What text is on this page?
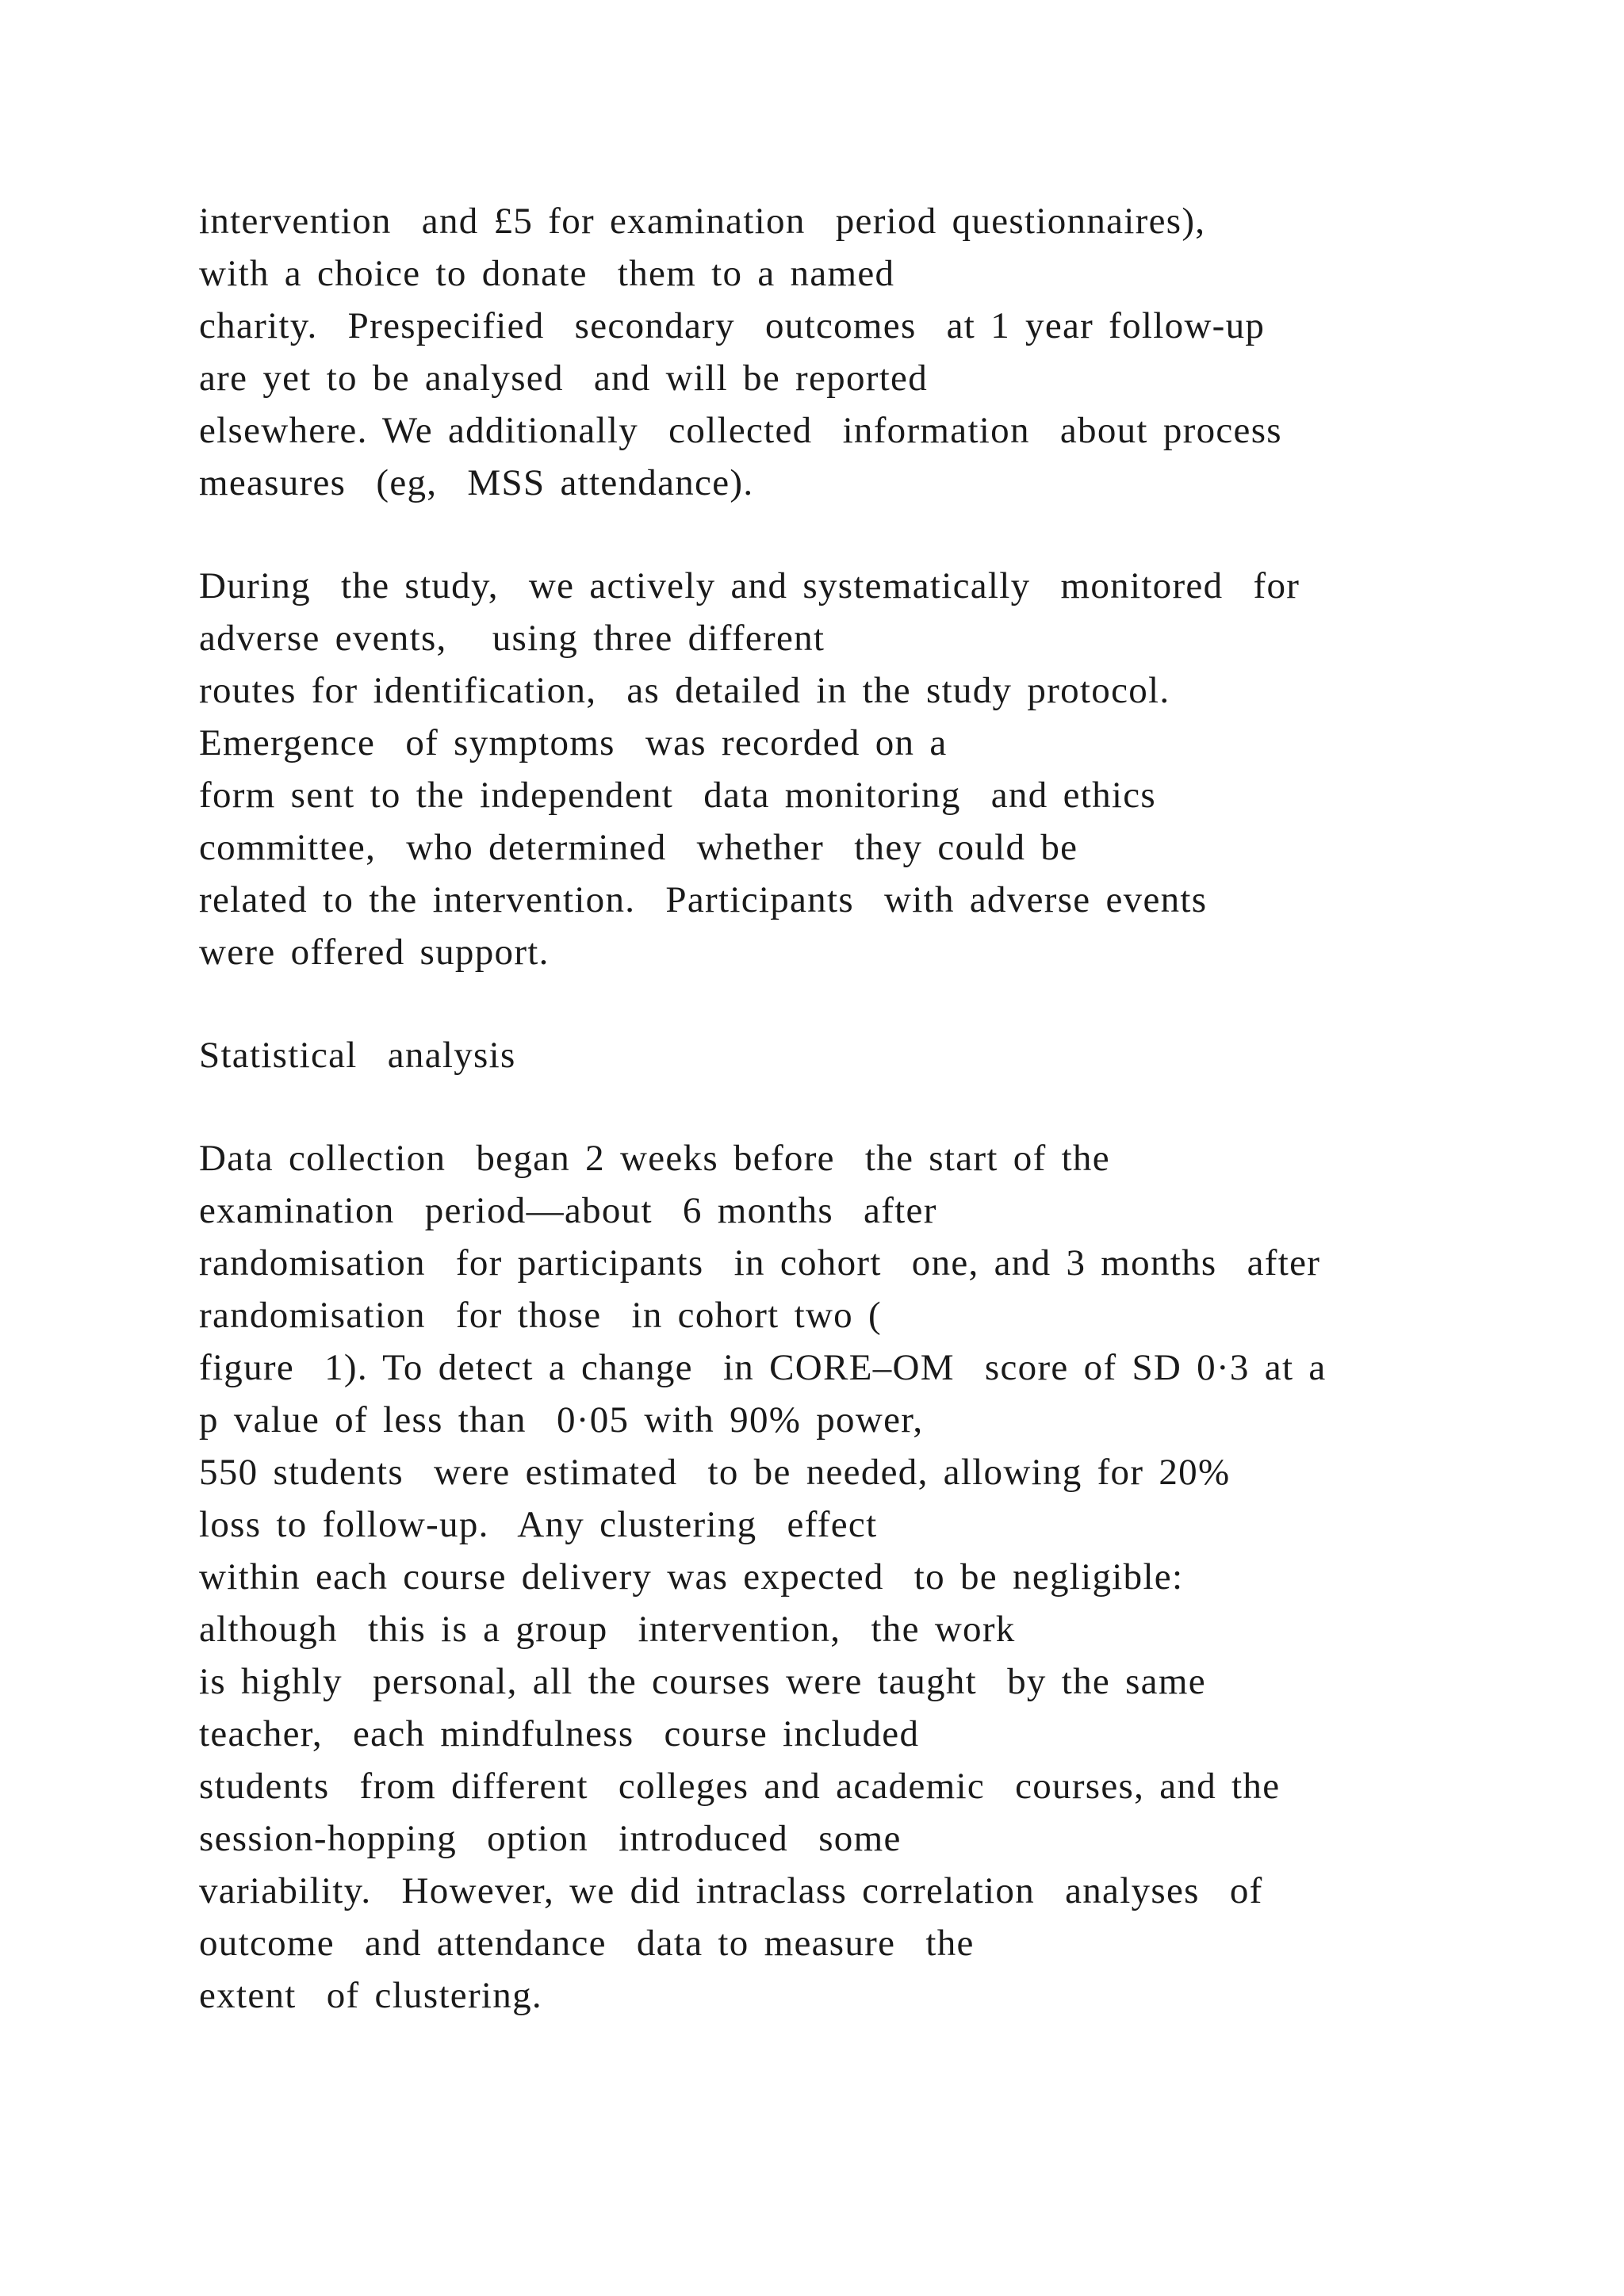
intervention  and £5 for examination  period questionnaires),
with a choice to donate  them to a named
charity.  Prespecified  secondary  outcomes  at 1 year follow-up
are yet to be analysed  and will be reported
elsewhere. We additionally  collected  information  about process
measures  (eg,  MSS attendance).
During  the study,  we actively and systematically  monitored  for
adverse events,   using three different
routes for identification,  as detailed in the study protocol.
Emergence  of symptoms  was recorded on a
form sent to the independent  data monitoring  and ethics
committee,  who determined  whether  they could be
related to the intervention.  Participants  with adverse events
were offered support.
Statistical  analysis
Data collection  began 2 weeks before  the start of the
examination  period—about  6 months  after
randomisation  for participants  in cohort  one, and 3 months  after
randomisation  for those  in cohort two (
figure  1). To detect a change  in CORE–OM  score of SD 0·3 at a
p value of less than  0·05 with 90% power,
550 students  were estimated  to be needed, allowing for 20%
loss to follow-up.  Any clustering  effect
within each course delivery was expected  to be negligible:
although  this is a group  intervention,  the work
is highly  personal, all the courses were taught  by the same
teacher,  each mindfulness  course included
students  from different  colleges and academic  courses, and the
session-hopping  option  introduced  some
variability.  However, we did intraclass correlation  analyses  of
outcome  and attendance  data to measure  the
extent  of clustering.
